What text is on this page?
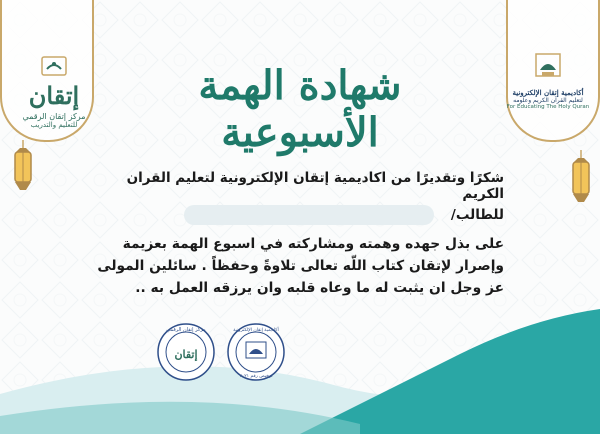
إتقان
مركز إتقان الرقمي
للتعليم والتدريب
أكاديمية إتقان الإلكترونية
لتعليم القرآن الكريم وعلومه
For Educating The Holy Quran
شهادة الهمة الأسبوعية
شكرًا وتقديرًا من اكاديمية إتقان الإلكترونية لتعليم القران الكريم
للطالب/
على بذل جهده وهمته ومشاركته في اسبوع الهمة بعزيمة
وإصرار لإتقان كتاب اللّه تعالى تلاوةً وحفظاً . سائلين المولى
عز وجل ان يثبت له ما وعاه قلبه وان يرزقه العمل به ..
مركز إتقان الرقمي
إتقان
أكاديمية إتقان الإلكترونية
ترخيص رقم ٢٠٢١
